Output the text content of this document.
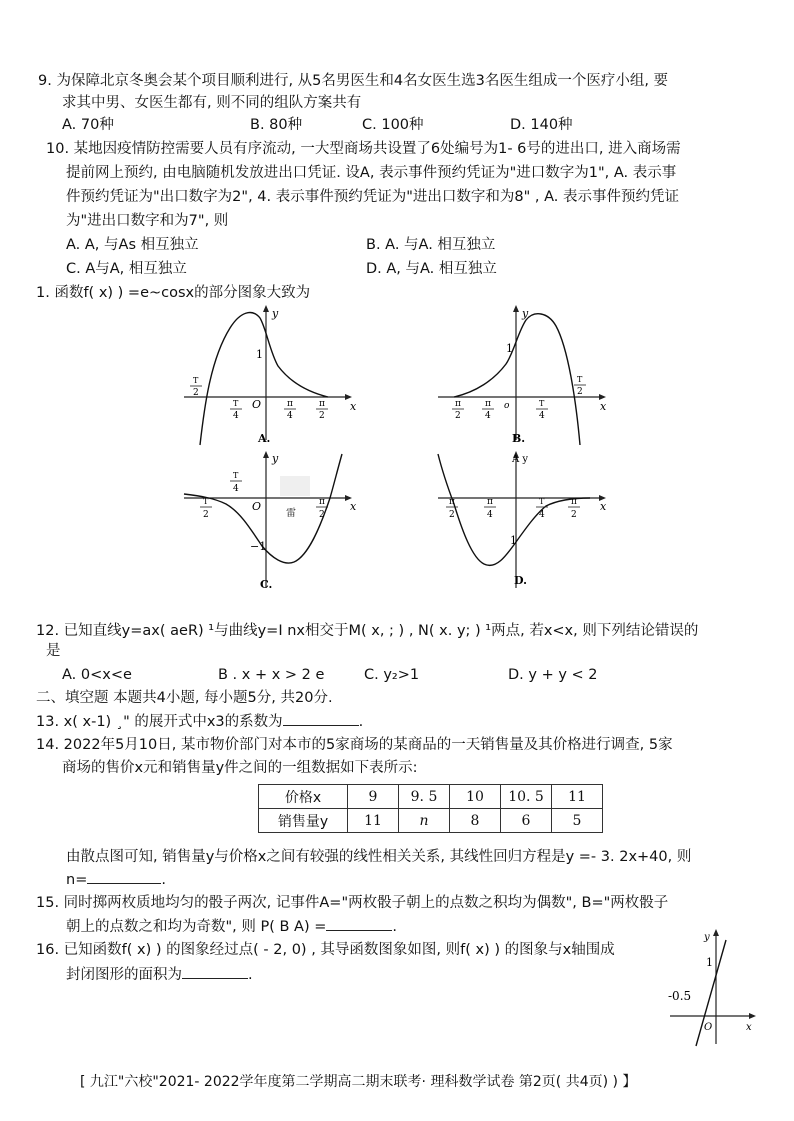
9. 为保障北京冬奥会某个项目顺利进行, 从5名男医生和4名女医生选3名医生组成一个医疗小组, 要
求其中男、女医生都有, 则不同的组队方案共有
A. 70种	B. 80种	C. 100种	D. 140种
10. 某地因疫情防控需要人员有序流动, 一大型商场共设置了6处编号为1- 6号的进出口, 进入商场需
提前网上预约, 由电脑随机发放进出口凭证. 设A, 表示事件预约凭证为"进口数字为1", A. 表示事
件预约凭证为"出口数字为2", 4. 表示事件预约凭证为"进出口数字和为8" , A. 表示事件预约凭证
为"进出口数字和为7", 则
A. A, 与As 相互独立	B. A. 与A. 相互独立
C. A与A, 相互独立	D. A, 与A. 相互独立
1. 函数f( x) ) =e~cosx的部分图象大致为
y
x
1
O
T
2
T
4
π
4
π
2
A.
y
x
1
o
π
2
π
4
T
4
T
2
B.
y
x
−1
O
雷
T
4
T
2
π
2
C.
A y
x
1
π
2
π
4
T
4
π
2
D.
12. 已知直线y=ax( aeR) ¹与曲线y=I nx相交于M( x, ; ) , N( x. y; ) ¹两点, 若x<x, 则下列结论错误的
是
A. 0<x<e	B . x + x > 2 e	C. y₂>1	D. y + y < 2
二、填空题 本题共4小题, 每小题5分, 共20分.
13. x( x-1) ¸" 的展开式中x3的系数为	.
14. 2022年5月10日, 某市物价部门对本市的5家商场的某商品的一天销售量及其价格进行调查, 5家
商场的售价x元和销售量y件之间的一组数据如下表所示:
价格x	9	9. 5	10	10. 5	11
销售量y	11	n	8	6	5
由散点图可知, 销售量y与价格x之间有较强的线性相关关系, 其线性回归方程是y =- 3. 2x+40, 则
n=	.
15. 同时掷两枚质地均匀的骰子两次, 记事件A="两枚骰子朝上的点数之积均为偶数", B="两枚骰子
朝上的点数之和均为奇数", 则 P( B A) =	.
16. 已知函数f( x) ) 的图象经过点( - 2, 0) , 其导函数图象如图, 则f( x) ) 的图象与x轴围成
封闭图形的面积为	.
y
x
1
-0.5
O
[ 九江"六校"2021- 2022学年度第二学期高二期末联考· 理科数学试卷 第2页( 共4页) ) 】
